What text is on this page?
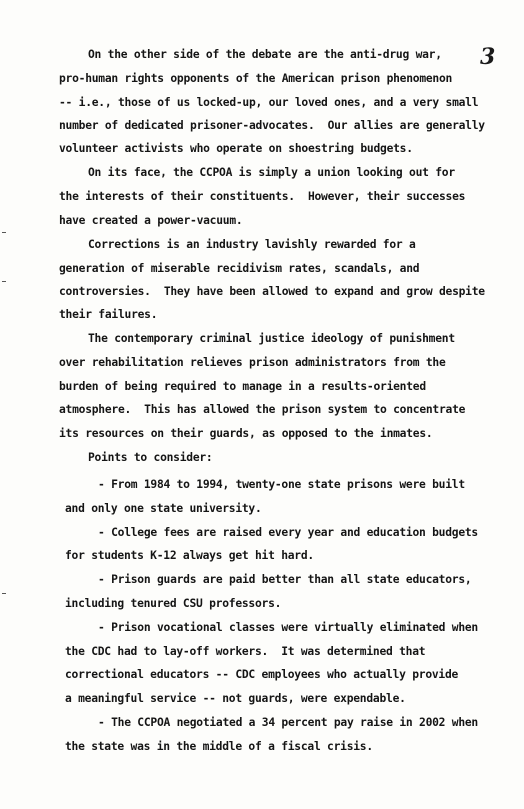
3
On the other side of the debate are the anti-drug war,
pro-human rights opponents of the American prison phenomenon
-- i.e., those of us locked-up, our loved ones, and a very small
number of dedicated prisoner-advocates.  Our allies are generally
volunteer activists who operate on shoestring budgets.
On its face, the CCPOA is simply a union looking out for
the interests of their constituents.  However, their successes
have created a power-vacuum.
Corrections is an industry lavishly rewarded for a
generation of miserable recidivism rates, scandals, and
controversies.  They have been allowed to expand and grow despite
their failures.
The contemporary criminal justice ideology of punishment
over rehabilitation relieves prison administrators from the
burden of being required to manage in a results-oriented
atmosphere.  This has allowed the prison system to concentrate
its resources on their guards, as opposed to the inmates.
Points to consider:
- From 1984 to 1994, twenty-one state prisons were built
and only one state university.
- College fees are raised every year and education budgets
for students K-12 always get hit hard.
- Prison guards are paid better than all state educators,
including tenured CSU professors.
- Prison vocational classes were virtually eliminated when
the CDC had to lay-off workers.  It was determined that
correctional educators -- CDC employees who actually provide
a meaningful service -- not guards, were expendable.
- The CCPOA negotiated a 34 percent pay raise in 2002 when
the state was in the middle of a fiscal crisis.
